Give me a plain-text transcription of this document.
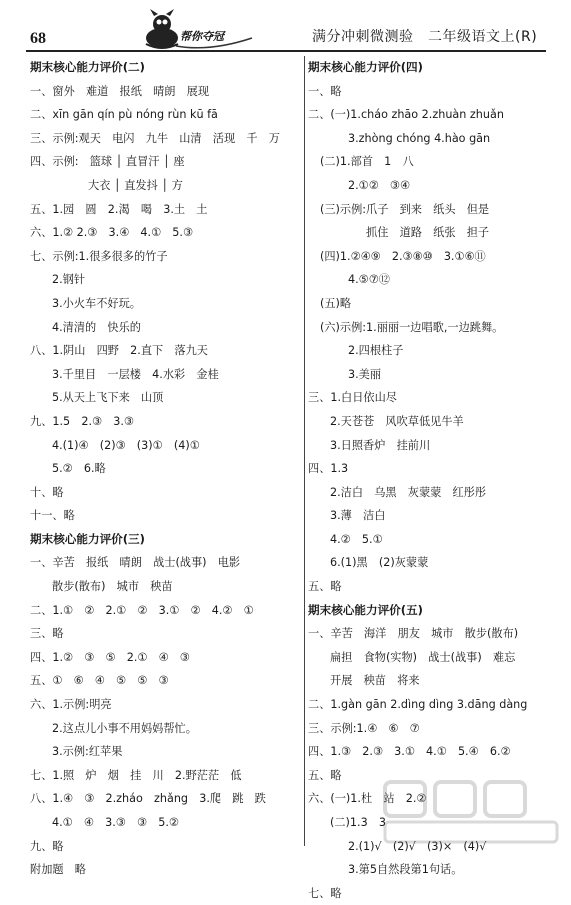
68	帮你夺冠	满分冲刺微测验　二年级语文上(R)
期末核心能力评价(二)
一、窗外　难道　报纸　晴朗　展现
二、xīn gān qín pù nóng rùn kū fā
三、示例:观天　电闪　九牛　山清　活现　千　万
四、示例:　篮球 │ 直冒汗 │ 座
大衣 │ 直发抖 │ 方
五、1.园　圆　2.渴　喝　3.土　土
六、1.② 2.③　3.④　4.①　5.③
七、示例:1.很多很多的竹子
2.钢针
3.小火车不好玩。
4.清清的　快乐的
八、1.阴山　四野　2.直下　落九天
3.千里目　一层楼　4.水彩　金桂
5.从天上飞下来　山顶
九、1.5　2.③　3.③
4.(1)④　(2)③　(3)①　(4)①
5.②　6.略
十、略
十一、略
期末核心能力评价(三)
一、辛苦　报纸　晴朗　战士(战事)　电影
散步(散布)　城市　秧苗
二、1.①　②　2.①　②　3.①　②　4.②　①
三、略
四、1.②　③　⑤　2.①　④　③
五、①　⑥　④　⑤　⑤　③
六、1.示例:明亮
2.这点儿小事不用妈妈帮忙。
3.示例:红苹果
七、1.照　炉　烟　挂　川　2.野茫茫　低
八、1.④　③　2.zháo　zhǎng　3.爬　跳　跌
4.①　④　3.③　③　5.②
九、略
附加题　略
期末核心能力评价(四)
一、略
二、(一)1.cháo zhāo 2.zhuàn zhuǎn
3.zhòng chóng 4.hào gān
(二)1.部首　1　八
2.①②　③④
(三)示例:爪子　到来　纸头　但是
抓住　道路　纸张　担子
(四)1.②④⑨　2.③⑧⑩　3.①⑥⑪
4.⑤⑦⑫
(五)略
(六)示例:1.丽丽一边唱歌,一边跳舞。
2.四根柱子
3.美丽
三、1.白日依山尽
2.天苍苍　风吹草低见牛羊
3.日照香炉　挂前川
四、1.3
2.洁白　乌黑　灰蒙蒙　红彤彤
3.薄　洁白
4.②　5.①
6.(1)黑　(2)灰蒙蒙
五、略
期末核心能力评价(五)
一、辛苦　海洋　朋友　城市　散步(散布)
扁担　食物(实物)　战士(战事)　难忘
开展　秧苗　将来
二、1.gàn gān 2.dìng dìng 3.dāng dàng
三、示例:1.④　⑥　⑦
四、1.③　2.③　3.①　4.①　5.④　6.②
五、略
六、(一)1.杜　站　2.②
(二)1.3　3
2.(1)√　(2)√　(3)×　(4)√
3.第5自然段第1句话。
七、略
